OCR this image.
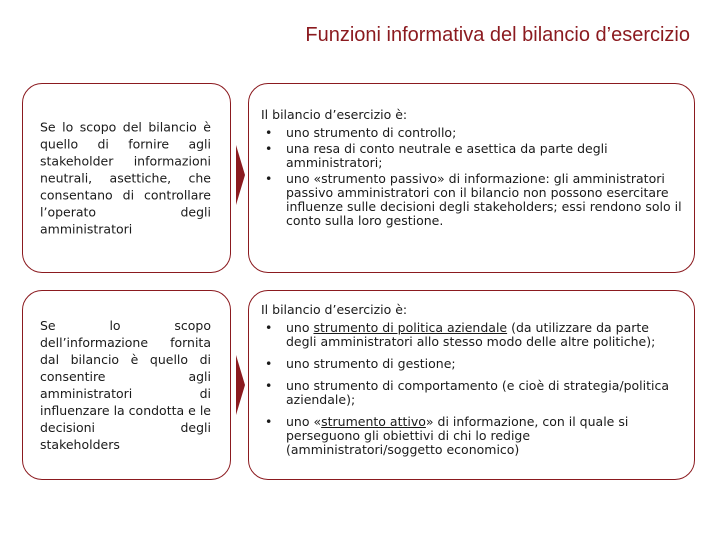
Funzioni informativa del bilancio d’esercizio
Se lo scopo del bilancio è quello di fornire agli stakeholder informazioni neutrali, asettiche, che consentano di controllare l’operato degli amministratori

Il bilancio d’esercizio è:

• uno strumento di controllo;
• una resa di conto neutrale e asettica da parte degli amministratori;
• uno «strumento passivo» di informazione: gli amministratori passivo amministratori con il bilancio non possono esercitare influenze sulle decisioni degli stakeholders; essi rendono solo il conto sulla loro gestione.
Se lo scopo dell’informazione fornita dal bilancio è quello di consentire agli amministratori di influenzare la condotta e le decisioni degli stakeholders

Il bilancio d’esercizio è:

• uno strumento di politica aziendale (da utilizzare da parte degli amministratori allo stesso modo delle altre politiche);
• uno strumento di gestione;
• uno strumento di comportamento (e cioè di strategia/politica aziendale);
• uno «strumento attivo» di informazione, con il quale si perseguono gli obiettivi di chi lo redige (amministratori/soggetto economico)
